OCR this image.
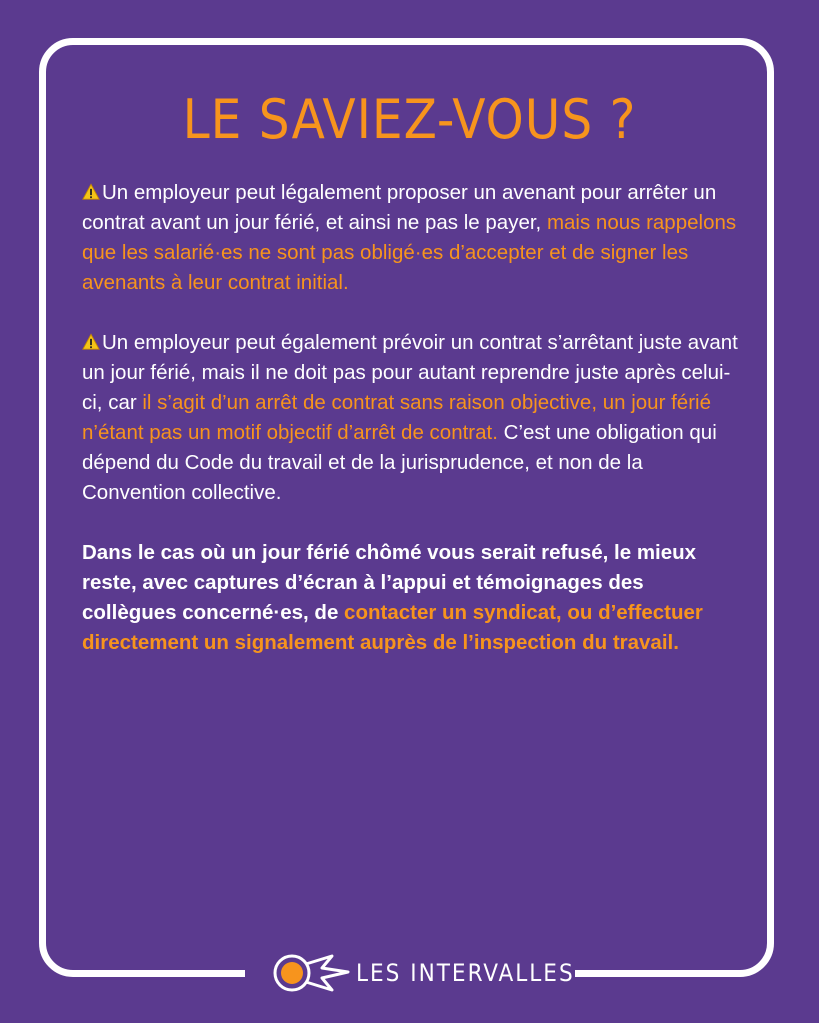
LE SAVIEZ-VOUS ?

Un employeur peut légalement proposer un avenant pour arrêter un contrat avant un jour férié, et ainsi ne pas le payer, mais nous rappelons que les salarié·es ne sont pas obligé·es d’accepter et de signer les avenants à leur contrat initial.

Un employeur peut également prévoir un contrat s’arrêtant juste avant un jour férié, mais il ne doit pas pour autant reprendre juste après celui-ci, car il s’agit d’un arrêt de contrat sans raison objective, un jour férié n’étant pas un motif objectif d’arrêt de contrat. C’est une obligation qui dépend du Code du travail et de la jurisprudence, et non de la Convention collective.

Dans le cas où un jour férié chômé vous serait refusé, le mieux reste, avec captures d’écran à l’appui et témoignages des collègues concerné·es, de contacter un syndicat, ou d’effectuer directement un signalement auprès de l’inspection du travail.

LES INTERVALLES
